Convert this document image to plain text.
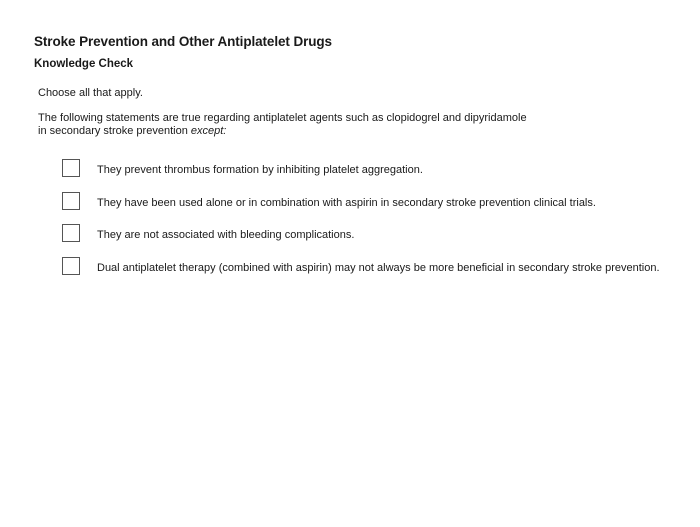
Stroke Prevention and Other Antiplatelet Drugs
Knowledge Check
Choose all that apply.
The following statements are true regarding antiplatelet agents such as clopidogrel and dipyridamole
in secondary stroke prevention except:
They prevent thrombus formation by inhibiting platelet aggregation.
They have been used alone or in combination with aspirin in secondary stroke prevention clinical trials.
They are not associated with bleeding complications.
Dual antiplatelet therapy (combined with aspirin) may not always be more beneficial in secondary stroke prevention.
